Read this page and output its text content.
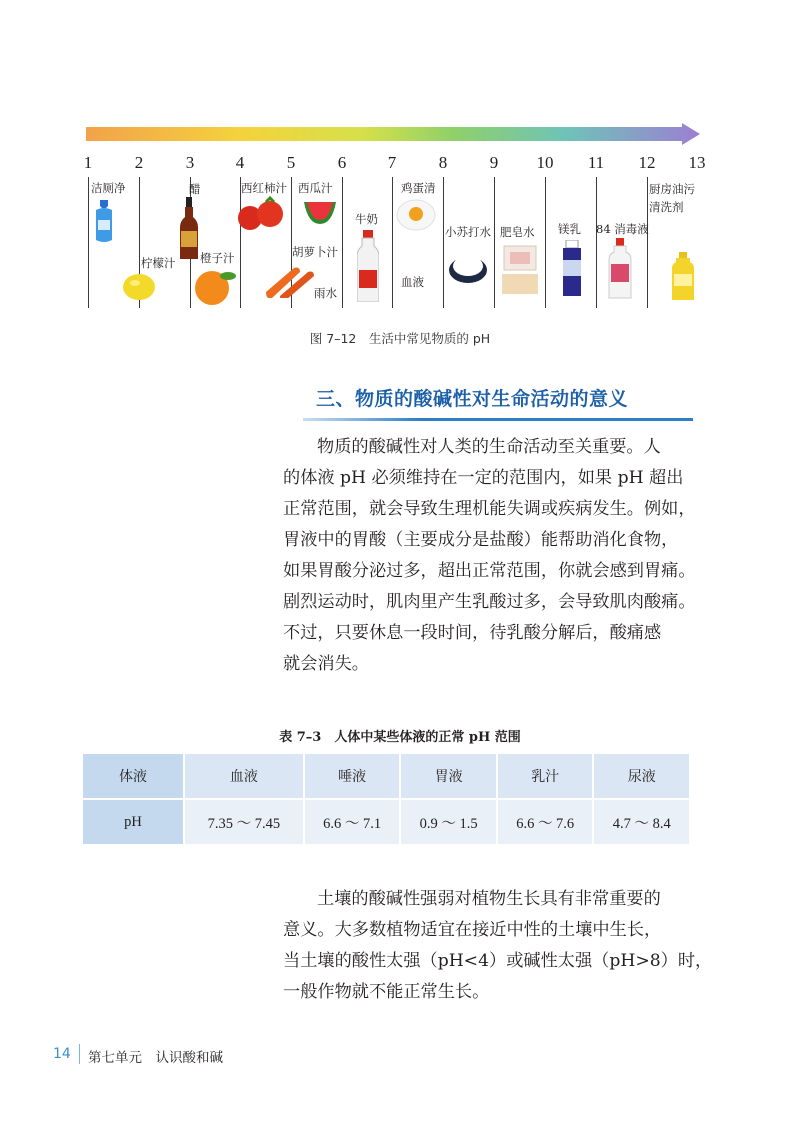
1	2	3	4	5	6	7	8	9	10	11	12	13
洁厕净
柠檬汁
醋
橙子汁
西红柿汁 西瓜汁
胡萝卜汁
雨水
牛奶
鸡蛋清
血液
小苏打水 肥皂水 镁乳 84 消毒液
厨房油污
清洗剂
图 7–12　生活中常见物质的 pH
三、物质的酸碱性对生命活动的意义
物质的酸碱性对人类的生命活动至关重要。人
的体液 pH 必须维持在一定的范围内，如果 pH 超出
正常范围，就会导致生理机能失调或疾病发生。例如，
胃液中的胃酸（主要成分是盐酸）能帮助消化食物，
如果胃酸分泌过多，超出正常范围，你就会感到胃痛。
剧烈运动时，肌肉里产生乳酸过多，会导致肌肉酸痛。
不过，只要休息一段时间，待乳酸分解后，酸痛感
就会消失。
表 7–3　人体中某些体液的正常 pH 范围
体液	血液	唾液	胃液	乳汁	尿液
pH	7.35 ～ 7.45	6.6 ～ 7.1	0.9 ～ 1.5	6.6 ～ 7.6	4.7 ～ 8.4
土壤的酸碱性强弱对植物生长具有非常重要的
意义。大多数植物适宜在接近中性的土壤中生长，
当土壤的酸性太强（pH<4）或碱性太强（pH>8）时，
一般作物就不能正常生长。
14 第七单元　认识酸和碱
